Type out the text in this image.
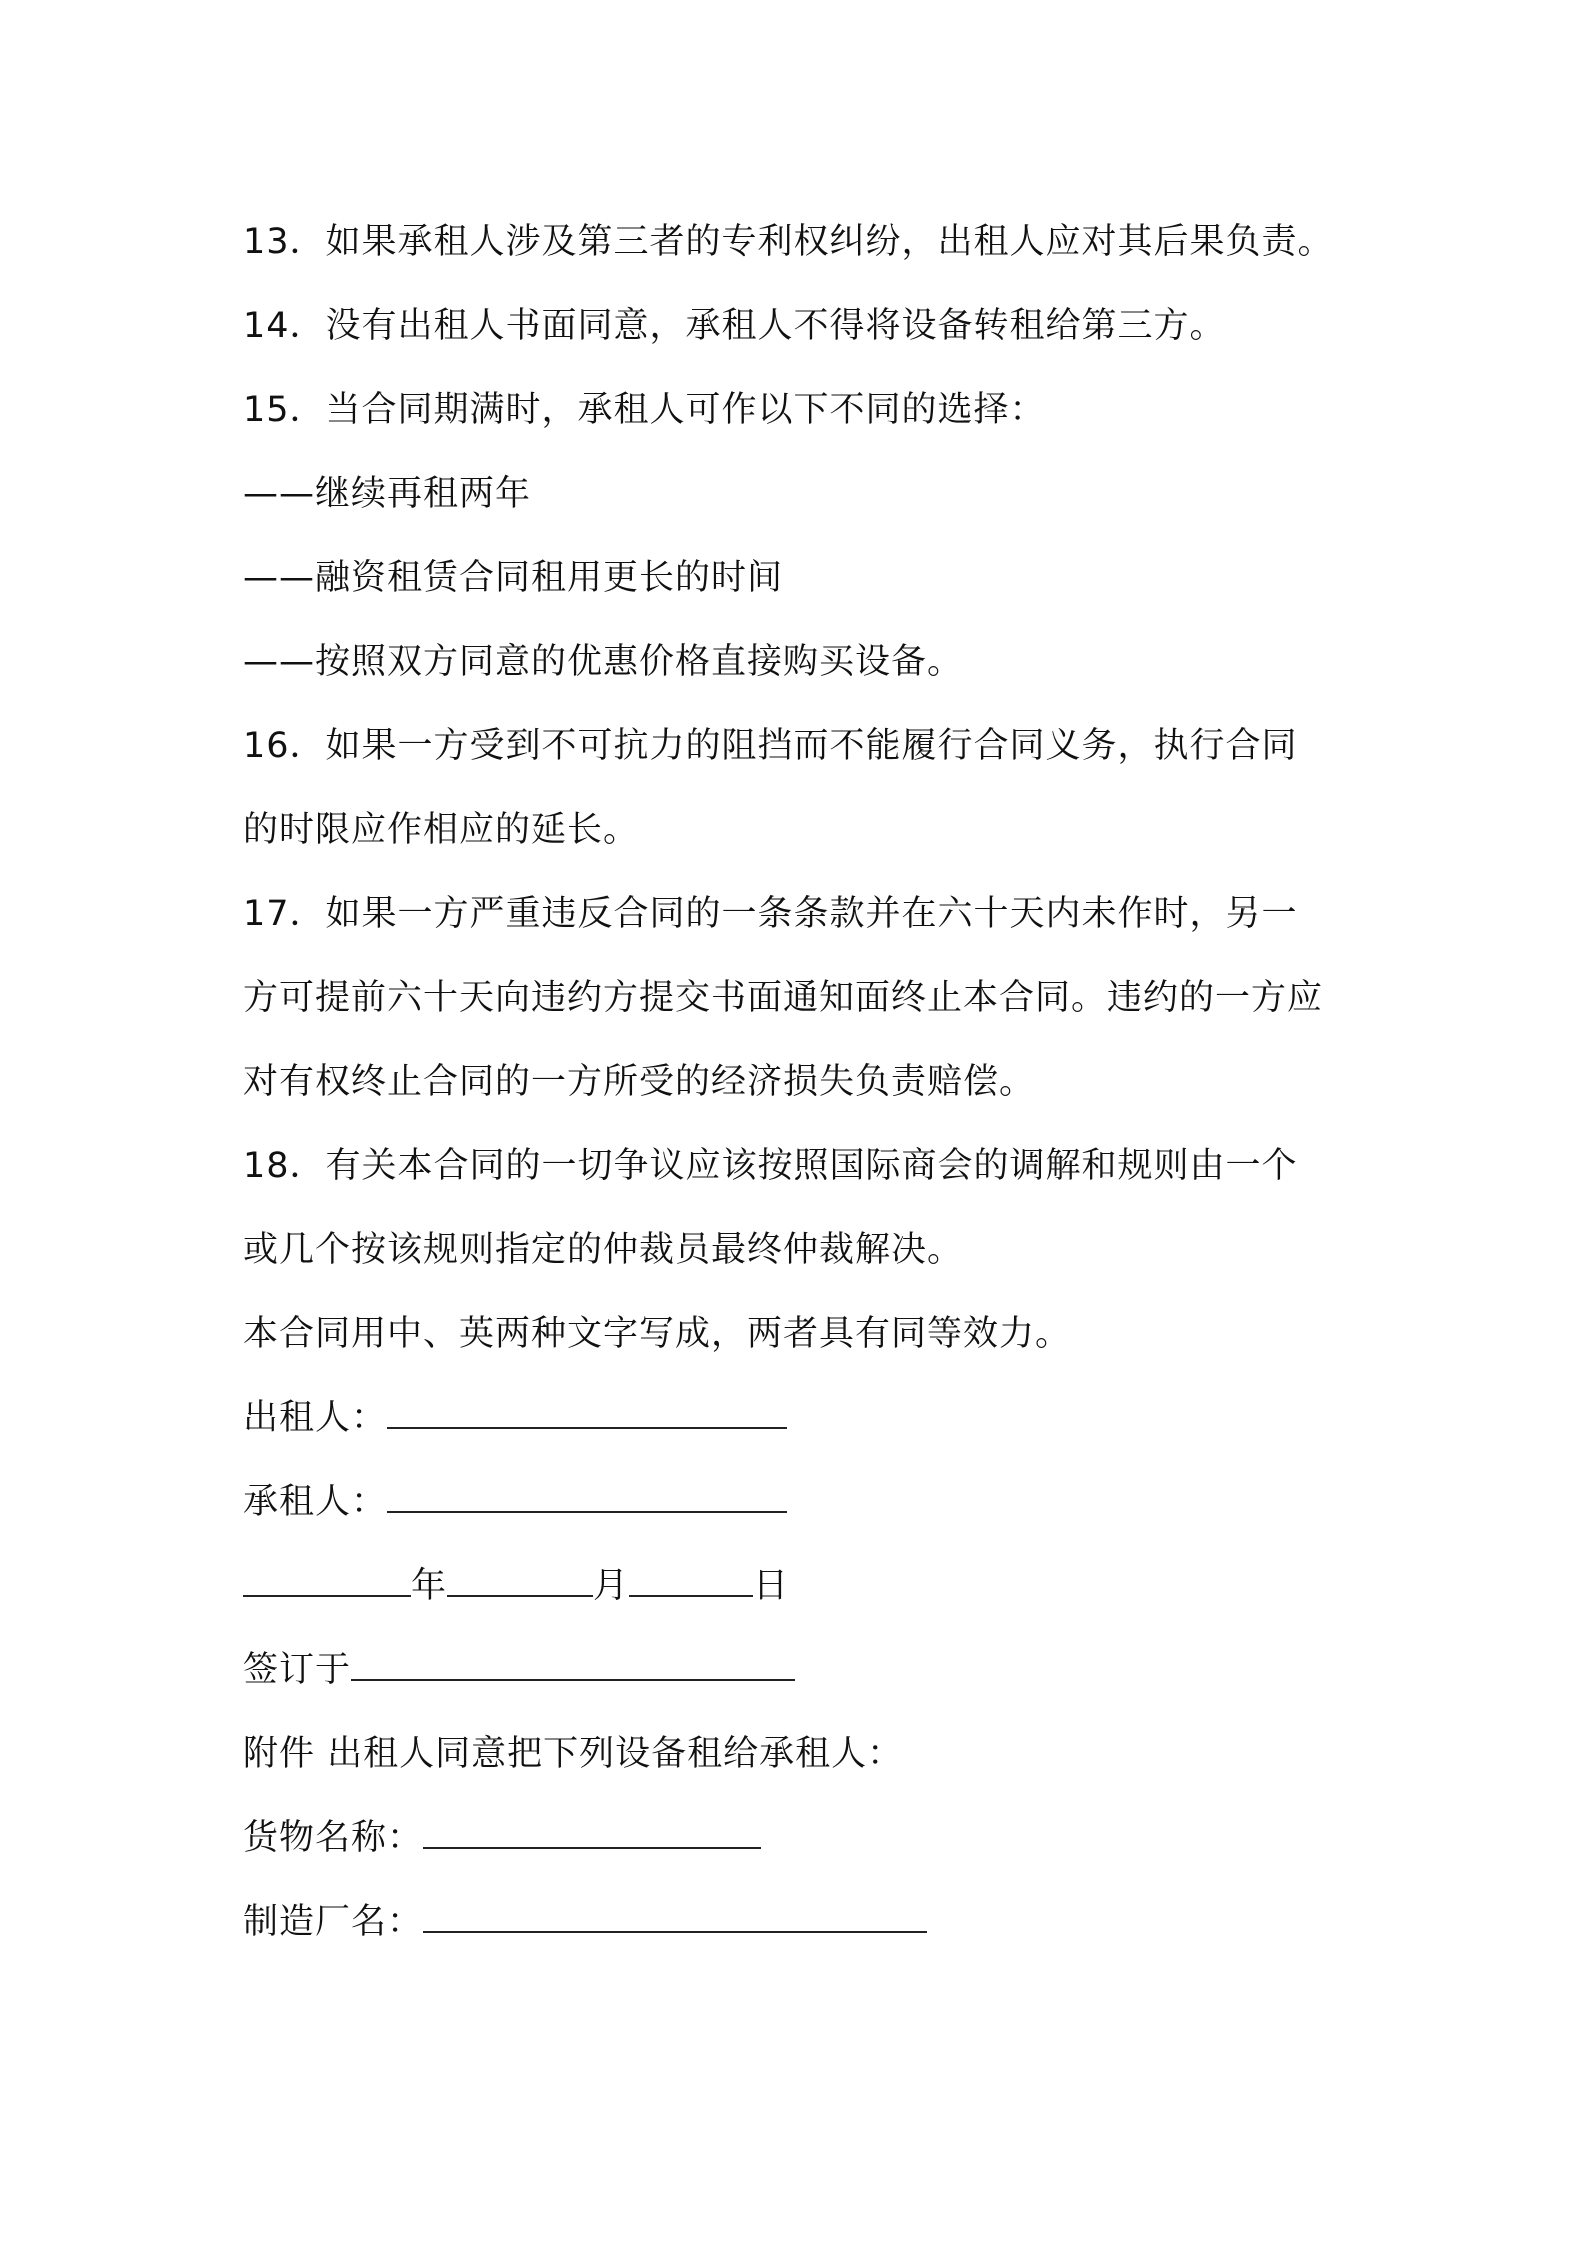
13．如果承租人涉及第三者的专利权纠纷，出租人应对其后果负责。
14．没有出租人书面同意，承租人不得将设备转租给第三方。
15．当合同期满时，承租人可作以下不同的选择：
——继续再租两年
——融资租赁合同租用更长的时间
——按照双方同意的优惠价格直接购买设备。
16．如果一方受到不可抗力的阻挡而不能履行合同义务，执行合同
的时限应作相应的延长。
17．如果一方严重违反合同的一条条款并在六十天内未作时，另一
方可提前六十天向违约方提交书面通知面终止本合同。违约的一方应
对有权终止合同的一方所受的经济损失负责赔偿。
18．有关本合同的一切争议应该按照国际商会的调解和规则由一个
或几个按该规则指定的仲裁员最终仲裁解决。
本合同用中、英两种文字写成，两者具有同等效力。
出租人：
承租人：
年	月	日
签订于
附件 出租人同意把下列设备租给承租人：
货物名称：
制造厂名：
